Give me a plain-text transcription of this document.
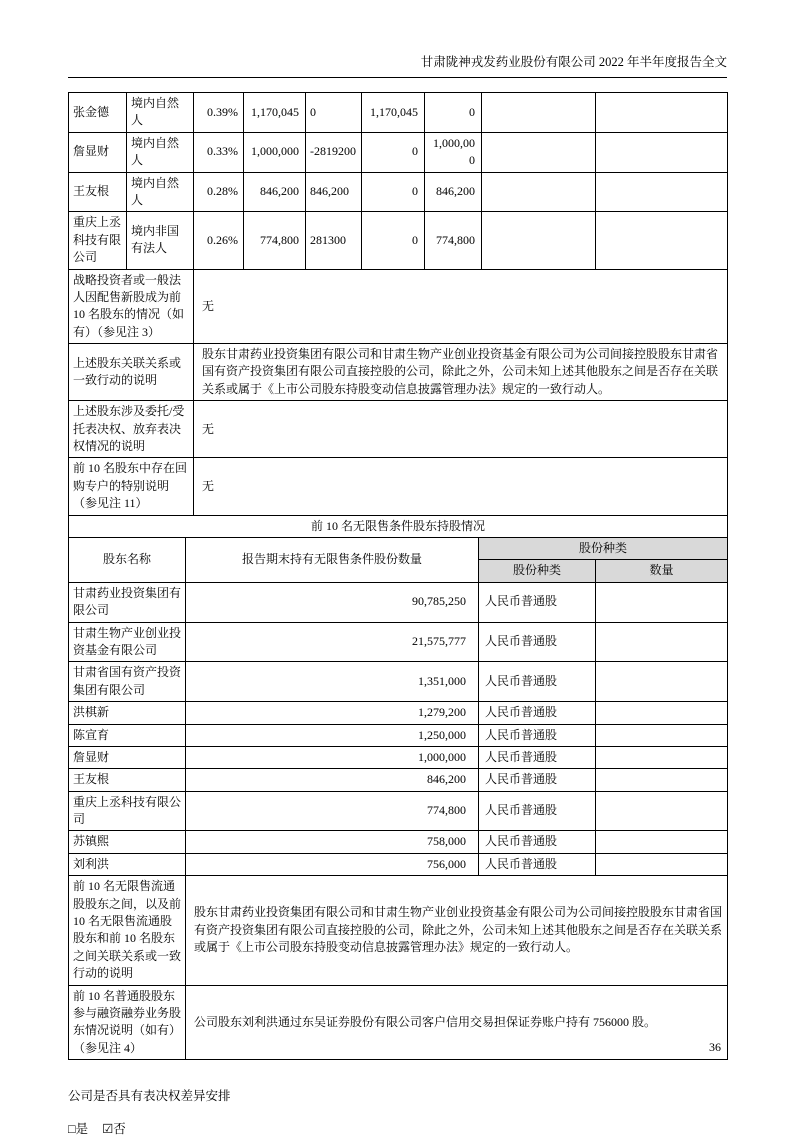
甘肃陇神戎发药业股份有限公司 2022 年半年度报告全文
张金德	境内自然人	0.39%	1,170,045	0	1,170,045	0		
詹显财	境内自然人	0.33%	1,000,000	-2819200	0	1,000,000		
王友根	境内自然人	0.28%	846,200	846,200	0	846,200		
重庆上丞科技有限公司	境内非国有法人	0.26%	774,800	281300	0	774,800		
战略投资者或一般法人因配售新股成为前 10 名股东的情况（如有）（参见注 3）		无						
上述股东关联关系或一致行动的说明		股东甘肃药业投资集团有限公司和甘肃生物产业创业投资基金有限公司为公司间接控股股东甘肃省国有资产投资集团有限公司直接控股的公司，除此之外，公司未知上述其他股东之间是否存在关联关系或属于《上市公司股东持股变动信息披露管理办法》规定的一致行动人。						
上述股东涉及委托/受托表决权、放弃表决权情况的说明		无						
前 10 名股东中存在回购专户的特别说明（参见注 11）		无						
前 10 名无限售条件股东持股情况			
股东名称	报告期末持有无限售条件股份数量	股份种类	
		股份种类	数量
甘肃药业投资集团有限公司	90,785,250	人民币普通股	
甘肃生物产业创业投资基金有限公司	21,575,777	人民币普通股	
甘肃省国有资产投资集团有限公司	1,351,000	人民币普通股	
洪棋新	1,279,200	人民币普通股	
陈宣育	1,250,000	人民币普通股	
詹显财	1,000,000	人民币普通股	
王友根	846,200	人民币普通股	
重庆上丞科技有限公司	774,800	人民币普通股	
苏镇熙	758,000	人民币普通股	
刘利洪	756,000	人民币普通股	
前 10 名无限售流通股股东之间，以及前 10 名无限售流通股股东和前 10 名股东之间关联关系或一致行动的说明	股东甘肃药业投资集团有限公司和甘肃生物产业创业投资基金有限公司为公司间接控股股东甘肃省国有资产投资集团有限公司直接控股的公司，除此之外，公司未知上述其他股东之间是否存在关联关系或属于《上市公司股东持股变动信息披露管理办法》规定的一致行动人。		
前 10 名普通股股东参与融资融券业务股东情况说明（如有）（参见注 4）	公司股东刘利洪通过东吴证券股份有限公司客户信用交易担保证券账户持有 756000 股。		
公司是否具有表决权差异安排
□是 ☑否
36
